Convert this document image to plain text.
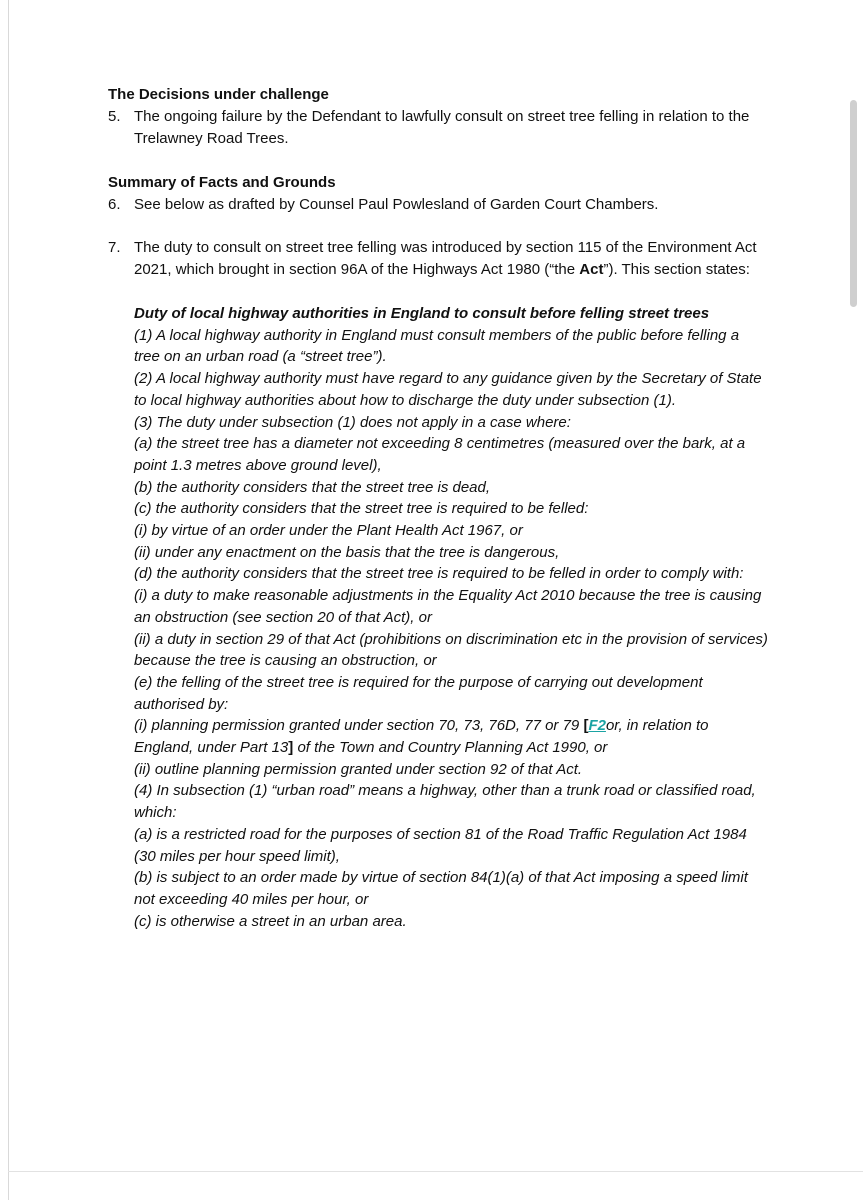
The Decisions under challenge

5. The ongoing failure by the Defendant to lawfully consult on street tree felling in relation to the Trelawney Road Trees.

Summary of Facts and Grounds

6. See below as drafted by Counsel Paul Powlesland of Garden Court Chambers.
7. The duty to consult on street tree felling was introduced by section 115 of the Environment Act 2021, which brought in section 96A of the Highways Act 1980 (“the Act”). This section states:
Duty of local highway authorities in England to consult before felling street trees
(1) A local highway authority in England must consult members of the public before felling a tree on an urban road (a “street tree”).
(2) A local highway authority must have regard to any guidance given by the Secretary of State to local highway authorities about how to discharge the duty under subsection (1).
(3) The duty under subsection (1) does not apply in a case where:
(a) the street tree has a diameter not exceeding 8 centimetres (measured over the bark, at a point 1.3 metres above ground level),
(b) the authority considers that the street tree is dead,
(c) the authority considers that the street tree is required to be felled:
(i) by virtue of an order under the Plant Health Act 1967, or
(ii) under any enactment on the basis that the tree is dangerous,
(d) the authority considers that the street tree is required to be felled in order to comply with:
(i) a duty to make reasonable adjustments in the Equality Act 2010 because the tree is causing an obstruction (see section 20 of that Act), or
(ii) a duty in section 29 of that Act (prohibitions on discrimination etc in the provision of services) because the tree is causing an obstruction, or
(e) the felling of the street tree is required for the purpose of carrying out development authorised by:
(i) planning permission granted under section 70, 73, 76D, 77 or 79 [F2or, in relation to England, under Part 13] of the Town and Country Planning Act 1990, or
(ii) outline planning permission granted under section 92 of that Act.
(4) In subsection (1) “urban road” means a highway, other than a trunk road or classified road, which:
(a) is a restricted road for the purposes of section 81 of the Road Traffic Regulation Act 1984 (30 miles per hour speed limit),
(b) is subject to an order made by virtue of section 84(1)(a) of that Act imposing a speed limit not exceeding 40 miles per hour, or
(c) is otherwise a street in an urban area.
